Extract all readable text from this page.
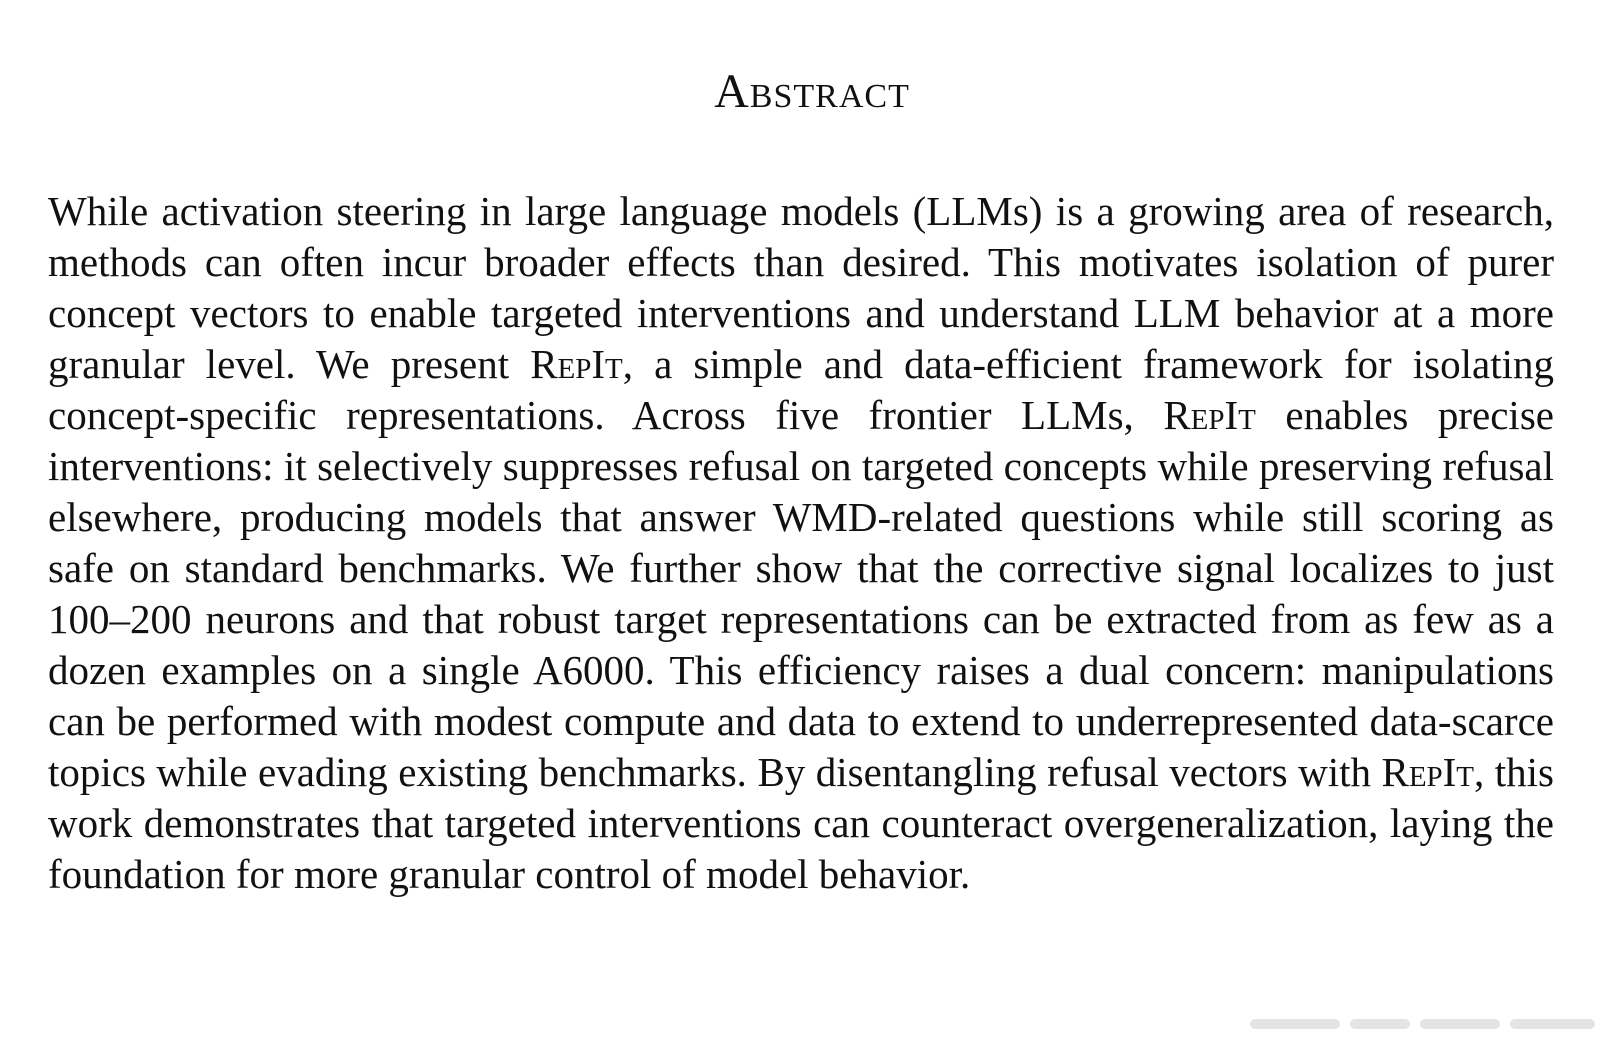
Abstract

While activation steering in large language models (LLMs) is a growing area of research, methods can often incur broader effects than desired. This motivates isolation of purer concept vectors to enable targeted interventions and understand LLM behavior at a more granular level. We present RepIt, a simple and data-efficient framework for isolating concept-specific representations. Across five frontier LLMs, RepIt enables precise interventions: it selectively suppresses refusal on targeted concepts while preserving refusal elsewhere, producing models that answer WMD-related questions while still scoring as safe on standard benchmarks. We further show that the corrective signal localizes to just 100–200 neurons and that robust target representations can be extracted from as few as a dozen examples on a single A6000. This efficiency raises a dual concern: manipulations can be performed with modest compute and data to extend to underrepresented data-scarce topics while evading existing benchmarks. By disentangling refusal vectors with RepIt, this work demonstrates that targeted interventions can counteract overgeneralization, laying the foundation for more granular control of model behavior.
